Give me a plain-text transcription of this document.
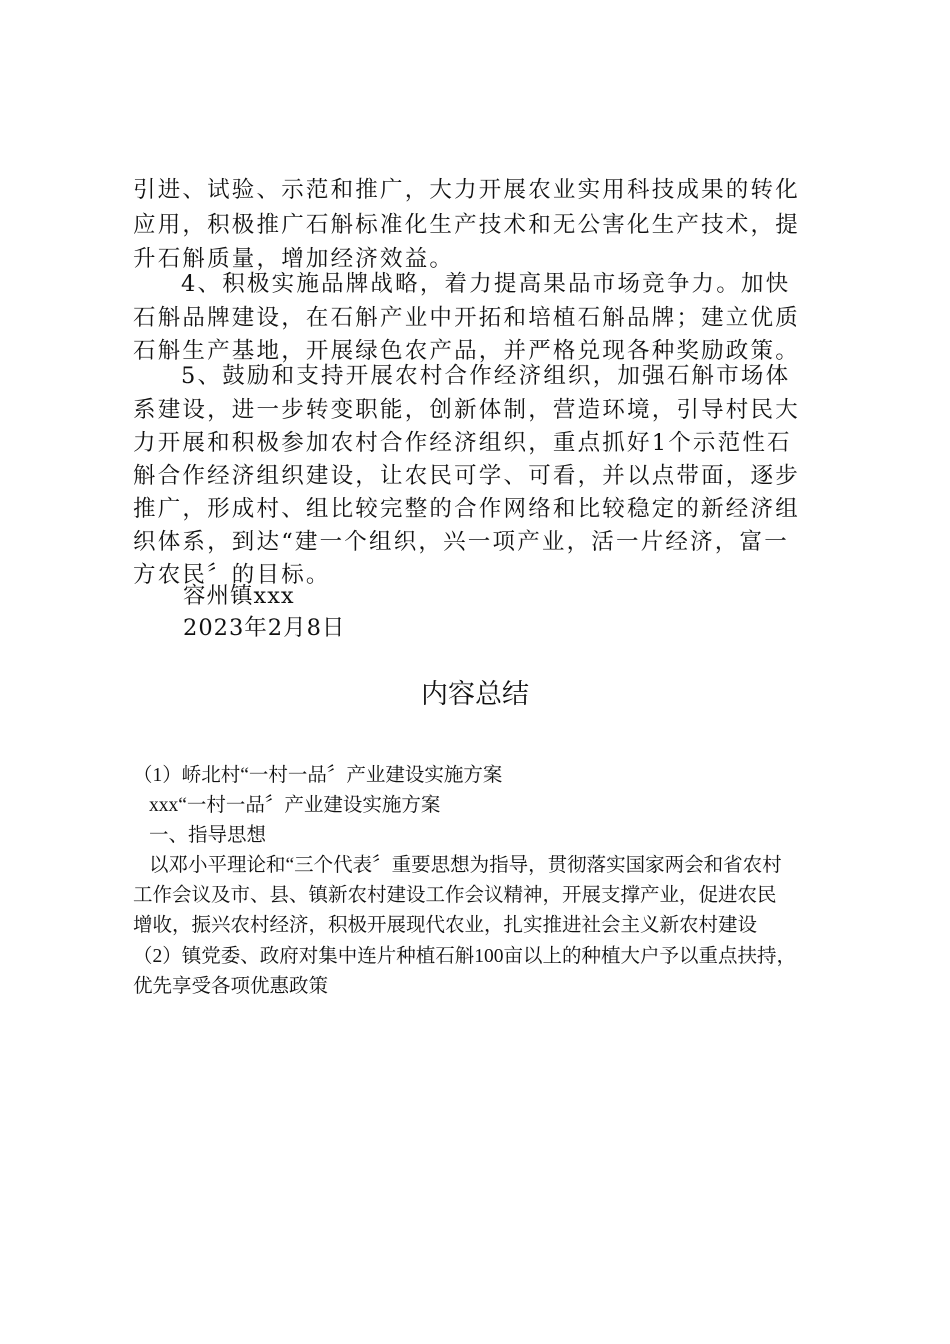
引进、试验、示范和推广，大力开展农业实用科技成果的转化
应用，积极推广石斛标准化生产技术和无公害化生产技术，提
升石斛质量，增加经济效益。
4、积极实施品牌战略，着力提高果品市场竞争力。加快
石斛品牌建设，在石斛产业中开拓和培植石斛品牌；建立优质
石斛生产基地，开展绿色农产品，并严格兑现各种奖励政策。
5、鼓励和支持开展农村合作经济组织，加强石斛市场体
系建设，进一步转变职能，创新体制，营造环境，引导村民大
力开展和积极参加农村合作经济组织，重点抓好1个示范性石
斛合作经济组织建设，让农民可学、可看，并以点带面，逐步
推广，形成村、组比较完整的合作网络和比较稳定的新经济组
织体系，到达“建一个组织，兴一项产业，活一片经济，富一
方农民〞的目标。
容州镇xxx
2023年2月8日
内容总结
（1）峤北村“一村一品〞产业建设实施方案
xxx“一村一品〞产业建设实施方案
一、指导思想
以邓小平理论和“三个代表〞重要思想为指导，贯彻落实国家两会和省农村
工作会议及市、县、镇新农村建设工作会议精神，开展支撑产业，促进农民
增收，振兴农村经济，积极开展现代农业，扎实推进社会主义新农村建设
（2）镇党委、政府对集中连片种植石斛100亩以上的种植大户予以重点扶持，
优先享受各项优惠政策
